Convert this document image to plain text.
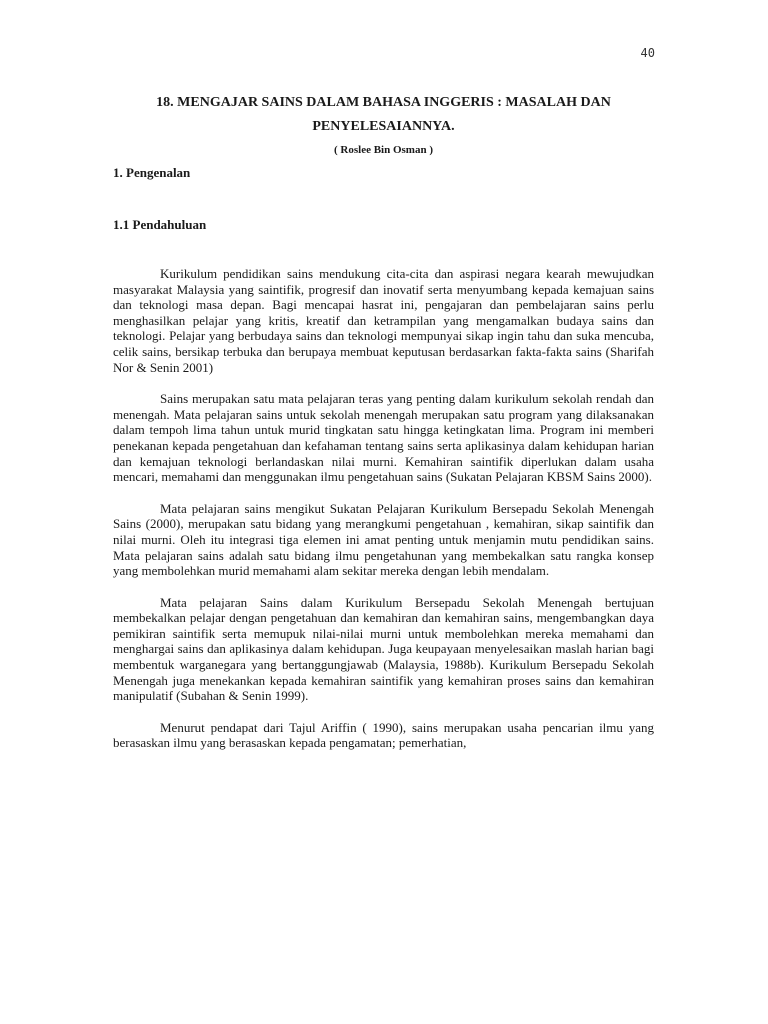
40
18. MENGAJAR SAINS DALAM BAHASA INGGERIS : MASALAH DAN PENYELESAIANNYA.

( Roslee Bin Osman )

1. Pengenalan
1.1 Pendahuluan

Kurikulum pendidikan sains mendukung cita-cita dan aspirasi negara kearah mewujudkan masyarakat Malaysia yang saintifik, progresif dan inovatif serta menyumbang kepada kemajuan sains dan teknologi masa depan. Bagi mencapai hasrat ini, pengajaran dan pembelajaran sains perlu menghasilkan pelajar yang kritis, kreatif dan ketrampilan yang mengamalkan budaya sains dan teknologi. Pelajar yang berbudaya sains dan teknologi mempunyai sikap ingin tahu dan suka mencuba, celik sains, bersikap terbuka dan berupaya membuat keputusan berdasarkan fakta-fakta sains (Sharifah Nor & Senin 2001)

Sains merupakan satu mata pelajaran teras yang penting dalam kurikulum sekolah rendah dan menengah. Mata pelajaran sains untuk sekolah menengah merupakan satu program yang dilaksanakan dalam tempoh lima tahun untuk murid tingkatan satu hingga ketingkatan lima. Program ini memberi penekanan kepada pengetahuan dan kefahaman tentang sains serta aplikasinya dalam kehidupan harian dan kemajuan teknologi berlandaskan nilai murni. Kemahiran saintifik diperlukan dalam usaha mencari, memahami dan menggunakan ilmu pengetahuan sains (Sukatan Pelajaran KBSM Sains 2000).

Mata pelajaran sains mengikut Sukatan Pelajaran Kurikulum Bersepadu Sekolah Menengah Sains (2000), merupakan satu bidang yang merangkumi pengetahuan , kemahiran, sikap saintifik dan nilai murni. Oleh itu integrasi tiga elemen ini amat penting untuk menjamin mutu pendidikan sains. Mata pelajaran sains adalah satu bidang ilmu pengetahunan yang membekalkan satu rangka konsep yang membolehkan murid memahami alam sekitar mereka dengan lebih mendalam.

Mata pelajaran Sains dalam Kurikulum Bersepadu Sekolah Menengah bertujuan membekalkan pelajar dengan pengetahuan dan kemahiran dan kemahiran sains, mengembangkan daya pemikiran saintifik serta memupuk nilai-nilai murni untuk membolehkan mereka memahami dan menghargai sains dan aplikasinya dalam kehidupan. Juga keupayaan menyelesaikan maslah harian bagi membentuk warganegara yang bertanggungjawab (Malaysia, 1988b). Kurikulum Bersepadu Sekolah Menengah juga menekankan kepada kemahiran saintifik yang kemahiran proses sains dan kemahiran manipulatif (Subahan & Senin 1999).

Menurut pendapat dari Tajul Ariffin ( 1990), sains merupakan usaha pencarian ilmu yang berasaskan ilmu yang berasaskan kepada pengamatan; pemerhatian,
